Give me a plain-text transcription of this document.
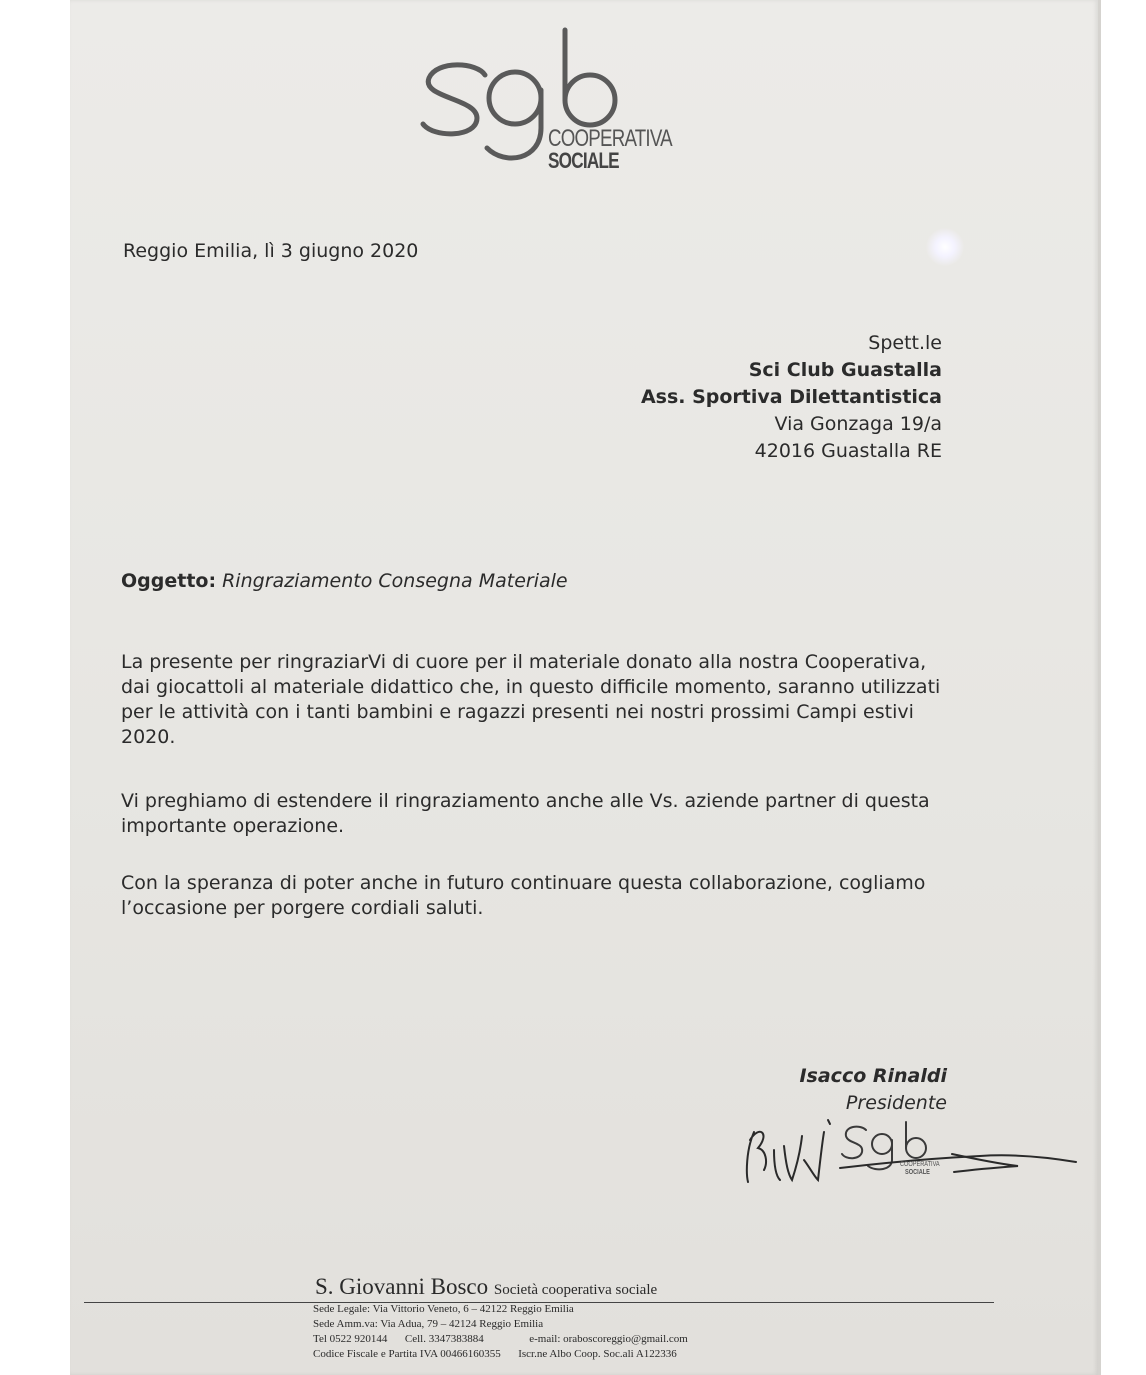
COOPERATIVA
SOCIALE
Reggio Emilia, lì 3 giugno 2020
Spett.le
Sci Club Guastalla
Ass. Sportiva Dilettantistica
Via Gonzaga 19/a
42016 Guastalla RE
Oggetto: Ringraziamento Consegna Materiale
La presente per ringraziarVi di cuore per il materiale donato alla nostra Cooperativa, dai giocattoli al materiale didattico che, in questo difficile momento, saranno utilizzati per le attività con i tanti bambini e ragazzi presenti nei nostri prossimi Campi estivi 2020.
Vi preghiamo di estendere il ringraziamento anche alle Vs. aziende partner di questa importante operazione.
Con la speranza di poter anche in futuro continuare questa collaborazione, cogliamo l’occasione per porgere cordiali saluti.
Isacco Rinaldi
Presidente
COOPERATIVA
SOCIALE
S. Giovanni Bosco Società cooperativa sociale
Sede Legale: Via Vittorio Veneto, 6 – 42122 Reggio Emilia
Sede Amm.va: Via Adua, 79 – 42124 Reggio Emilia
Tel 0522 920144 Cell. 3347383884	e-mail: oraboscoreggio@gmail.com
Codice Fiscale e Partita IVA 00466160355 Iscr.ne Albo Coop. Soc.ali A122336
